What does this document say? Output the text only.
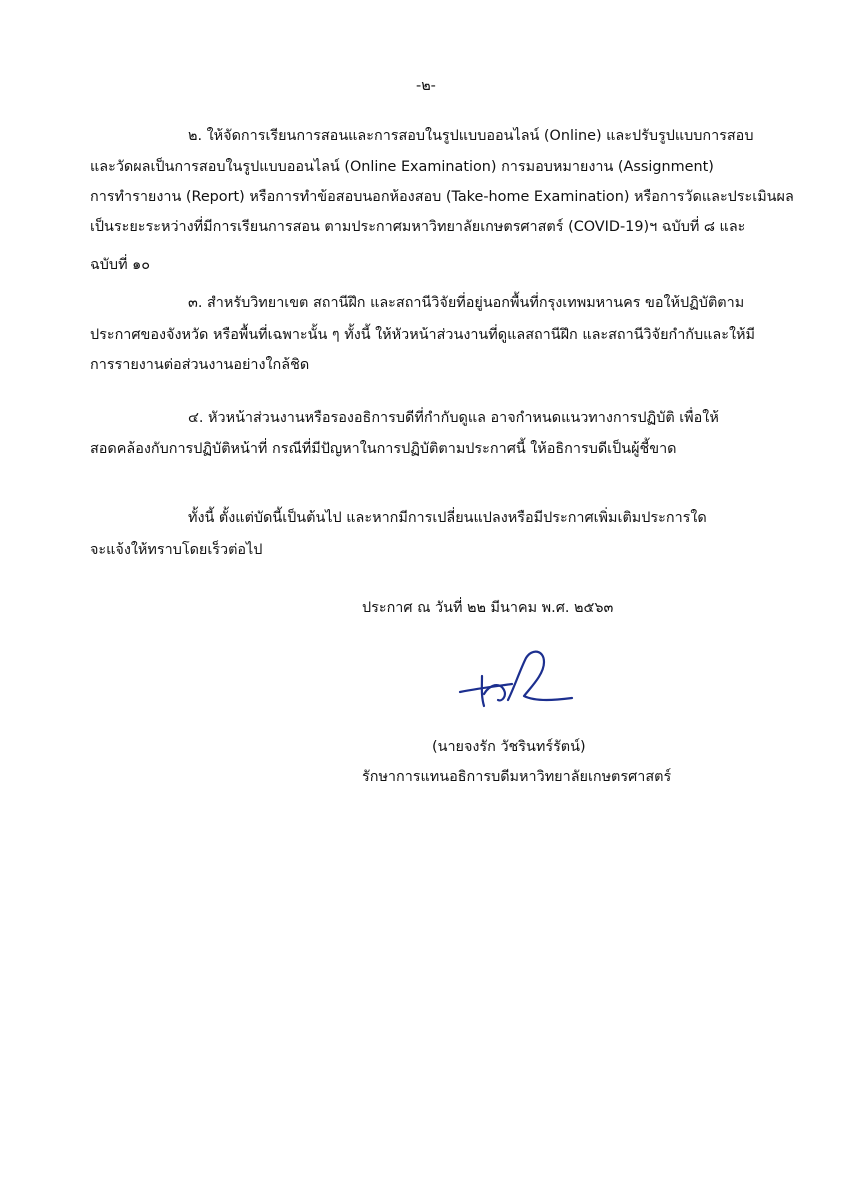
-๒-
๒. ให้จัดการเรียนการสอนและการสอบในรูปแบบออนไลน์ (Online) และปรับรูปแบบการสอบ
และวัดผลเป็นการสอบในรูปแบบออนไลน์ (Online Examination) การมอบหมายงาน (Assignment)
การทำรายงาน (Report) หรือการทำข้อสอบนอกห้องสอบ (Take-home Examination) หรือการวัดและประเมินผล
เป็นระยะระหว่างที่มีการเรียนการสอน ตามประกาศมหาวิทยาลัยเกษตรศาสตร์ (COVID-19)ฯ ฉบับที่ ๘ และ
ฉบับที่ ๑๐
๓. สำหรับวิทยาเขต สถานีฝึก และสถานีวิจัยที่อยู่นอกพื้นที่กรุงเทพมหานคร ขอให้ปฏิบัติตาม
ประกาศของจังหวัด หรือพื้นที่เฉพาะนั้น ๆ ทั้งนี้ ให้หัวหน้าส่วนงานที่ดูแลสถานีฝึก และสถานีวิจัยกำกับและให้มี
การรายงานต่อส่วนงานอย่างใกล้ชิด
๔. หัวหน้าส่วนงานหรือรองอธิการบดีที่กำกับดูแล อาจกำหนดแนวทางการปฏิบัติ เพื่อให้
สอดคล้องกับการปฏิบัติหน้าที่ กรณีที่มีปัญหาในการปฏิบัติตามประกาศนี้ ให้อธิการบดีเป็นผู้ชี้ขาด
ทั้งนี้ ตั้งแต่บัดนี้เป็นต้นไป และหากมีการเปลี่ยนแปลงหรือมีประกาศเพิ่มเติมประการใด
จะแจ้งให้ทราบโดยเร็วต่อไป
ประกาศ ณ วันที่ ๒๒ มีนาคม พ.ศ. ๒๕๖๓
(นายจงรัก วัชรินทร์รัตน์)
รักษาการแทนอธิการบดีมหาวิทยาลัยเกษตรศาสตร์
